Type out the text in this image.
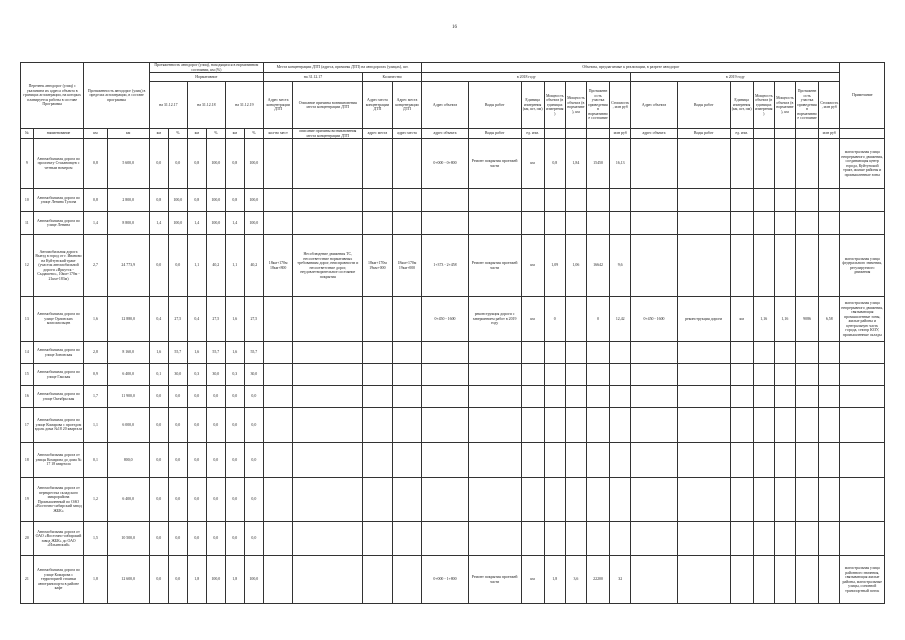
16
Перечень автодорог (улиц) с указанием их адреса объекта в границах агломерации, на которых планируется работы в составе Программы		Протяженность автодорог (улиц) в пределах агломерации, в составе программы		Протяженность автодорог (улиц), находящихся в нормативном состоянии, км (%)						Места концентрации ДТП (адреса, причины ДТП) на автодорогах (улицах), шт.				Объекты, предлагаемые к реализации, в разрезе автодорог														Примечание
				Нормативное						на 31.12.17		Количество		в 2018 году							в 2019 году							
				на 31.12.17		на 31.12.18		на 31.12.19		Адрес места концентрации ДТП	Описание причины возникновения места концентрации ДТП	Адрес места концентрации ДТП	Адрес места концентрации ДТП	Адрес объекта	Виды работ	Единица измерения (км, шт, пм)	Мощность объекта (в единицах измерения)	Мощность объекта (в нормативе), км	Протяженность участка приведения в нормативное состояние	Стоимость, млн руб	Адрес объекта	Виды работ	Единица измерения (км, шт, пм)	Мощность объекта (в единицах измерения)	Мощность объекта (в нормативе), км	Протяженность участка приведения в нормативное состояние	Стоимость, млн руб	
№	наименование	км	км	км	%	км	%	км	%	кол-во мест	описание причины возникновения места концентрации ДТП	адрес места	адрес места	адрес объекта	Виды работ	ед. изм.				млн руб	адрес объекта	Виды работ	ед. изм.				млн руб	
9	Автомобильная дорога по проспекту Стахановцев с четным номером	0,8	5 600,0	0,0	0,0	0,8	100,0	0,8	100,0					0+000 - 0+800	Ремонт покрытия проезжей части	км	0,8	1,84	15450	16,13								магистральная улица непрерывного движения, соединяющая центр города, Куйтунский тракт, жилые районы и промышленные зоны
10	Автомобильная дорога по улице Ленина Тулона	0,8	2 800,0	0,8	100,0	0,8	100,0	0,8	100,0																			
11	Автомобильная дорога по улице Ленина	1,4	8 800,0	1,4	100,0	1,4	100,0	1,4	100,0																			
12	Автомобильная дорога Выезд в город от г. Иваново на Куйтунский тракт (участок автомобильной дороги «Иркутск - Сыдашево», 10км+170м - 21км+183м)	2,7	24 773,9	0,0	0,0	1,1	40,2	1,1	40,2	18км+170м 18км+800	Несоблюдение движения ТС, несоответствие нормативных требованиям дорог, неисправности и несоответствие дорог, неудовлетворительное состояние покрытия	18км+170м 19км+000	18км+170м 19км+000	1+373 - 2+458	Ремонт покрытия проезжей части	км	1,09	1,06	16642	9,6								магистральная улица федерального значения, регулируемого движения
13	Автомобильная дорога по улице Орловских комсомольцев	1,6	12 880,0	0,4	27,5	0,4	27,5	1,6	27,5					0+450 - 1600	реконструкция дороги с завершением работ в 2019 году	км	0		0	12,42	0+450 - 1600	реконструкция дороги	км	1,16	1,16	9086	6,58	магистральная улица непрерывного движения, связывающая промышленные зоны, жилые районы и центральную часть города, сектор ЮЗУ, промышленные склады
14	Автомобильная дорога по улице Зоновская	2,8	8 160,0	1,6	55,7	1,6	55,7	1,6	55,7																			
15	Автомобильная дорога по улице Гакская	0,9	6 400,0	0,1	30,0	0,3	30,0	0,3	30,0																			
16	Автомобильная дорога по улице Октябрьская	1,7	11 900,0	0,0	0,0	0,0	0,0	0,0	0,0																			
17	Автомобильная дорога по улице Комарова с проездом вдоль дома №18 20 квартала	1,1	6 000,0	0,0	0,0	0,0	0,0	0,0	0,0																			
18	Автомобильная дорога от улицы Комарова до дома № 17 18 квартала	0,1	800,0	0,0	0,0	0,0	0,0	0,0	0,0																			
19	Автомобильная дорога от перекрестка складского микрорайона Промышленный по ОАО «Восточно-сибирский завод ЖБК»	1,2	6 400,0	0,0	0,0	0,0	0,0	0,0	0,0																			
20	Автомобильная дорога от ОАО «Восточно-сибирский завод ЖБК» до ОАО «Ильинский»	1,5	10 500,0	0,0	0,0	0,0	0,0	0,0	0,0																			
21	Автомобильная дорога по улице Комарова с территорией стоянки автотранспорта в районе кафе	1,8	12 600,0	0,0	0,0	1,8	100,0	1,8	100,0					0+000 - 1+800	Ремонт покрытия проезжей части	км	1,8	3,6	22200	32								магистральная улица районного значения, связывающая жилые районы, магистральные улицы, основной транспортный поток
